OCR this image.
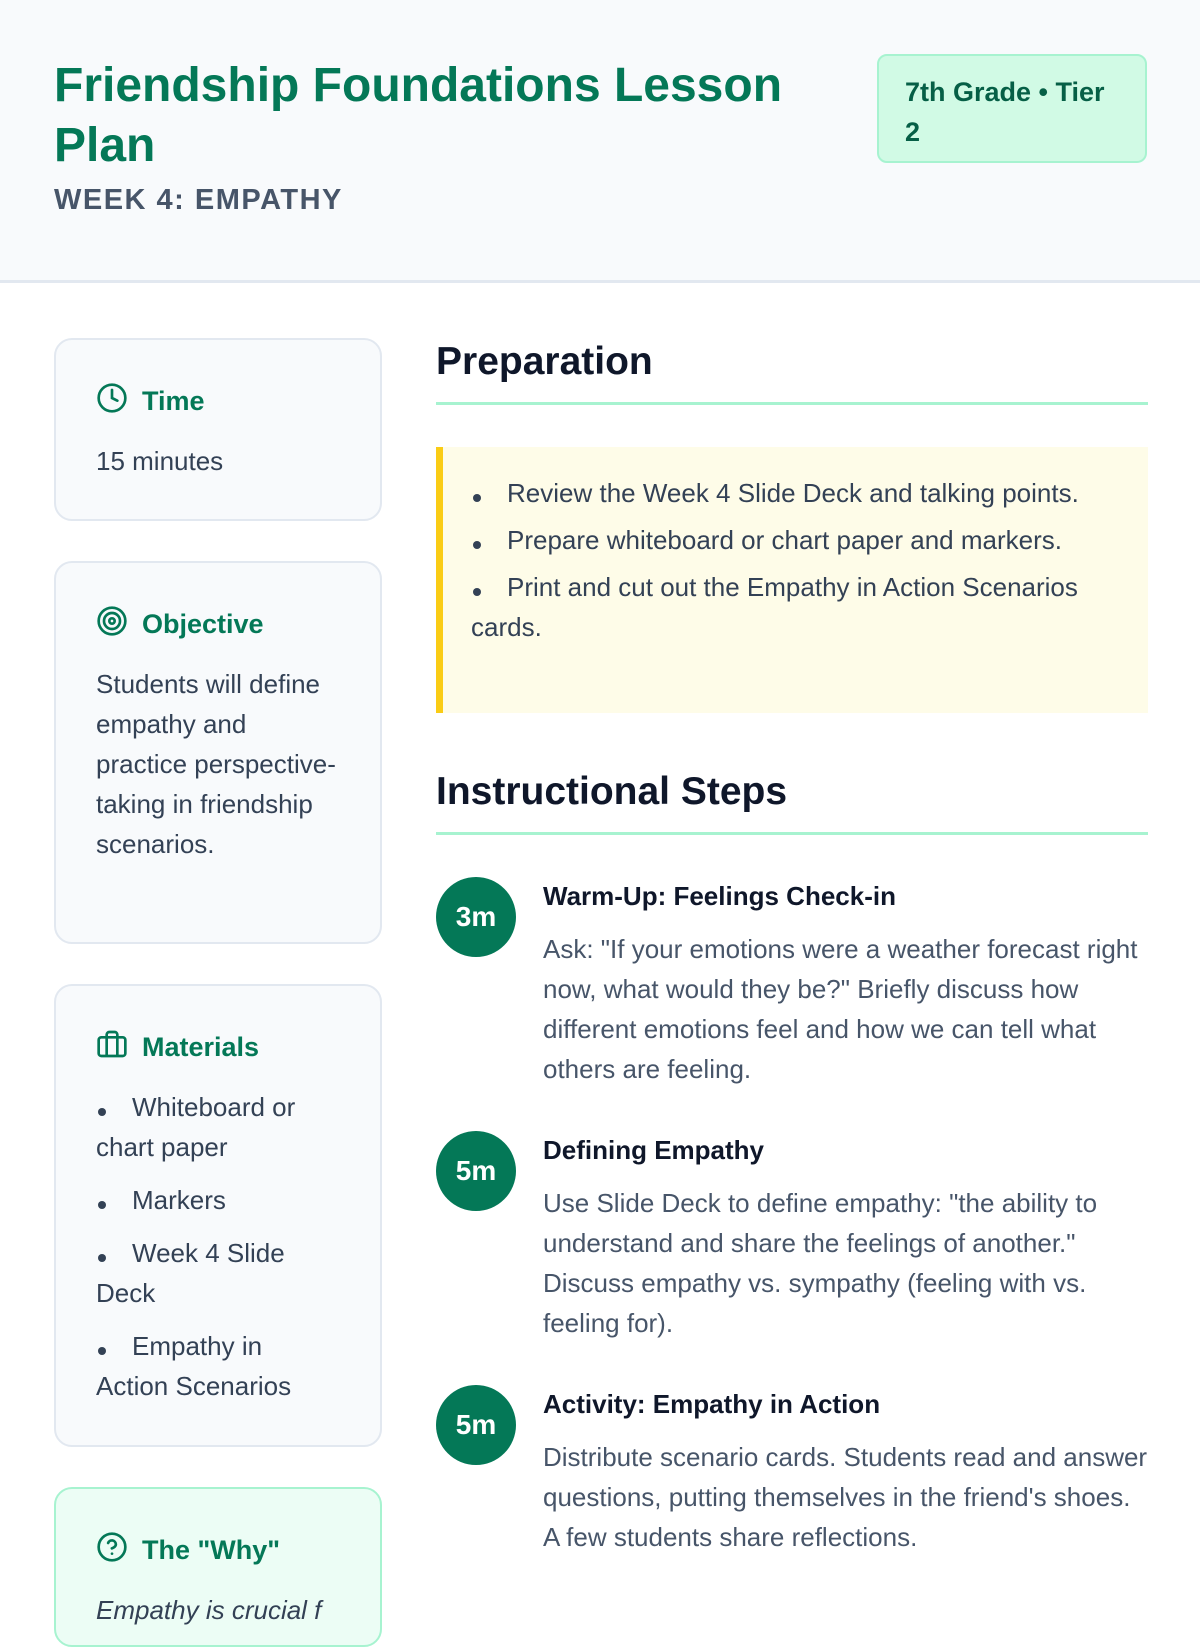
Friendship Foundations Lesson Plan
WEEK 4: EMPATHY
7th Grade • Tier 2
Time
15 minutes
Objective
Students will define empathy and practice perspective-taking in friendship scenarios.
Materials
Whiteboard or chart paper
Markers
Week 4 Slide Deck
Empathy in Action Scenarios
The "Why"
Empathy is crucial f
Preparation
Review the Week 4 Slide Deck and talking points.
Prepare whiteboard or chart paper and markers.
Print and cut out the Empathy in Action Scenarios cards.
Instructional Steps
3m
Warm-Up: Feelings Check-in
Ask: "If your emotions were a weather forecast right now, what would they be?" Briefly discuss how different emotions feel and how we can tell what others are feeling.
5m
Defining Empathy
Use Slide Deck to define empathy: "the ability to understand and share the feelings of another." Discuss empathy vs. sympathy (feeling with vs. feeling for).
5m
Activity: Empathy in Action
Distribute scenario cards. Students read and answer questions, putting themselves in the friend's shoes. A few students share reflections.
